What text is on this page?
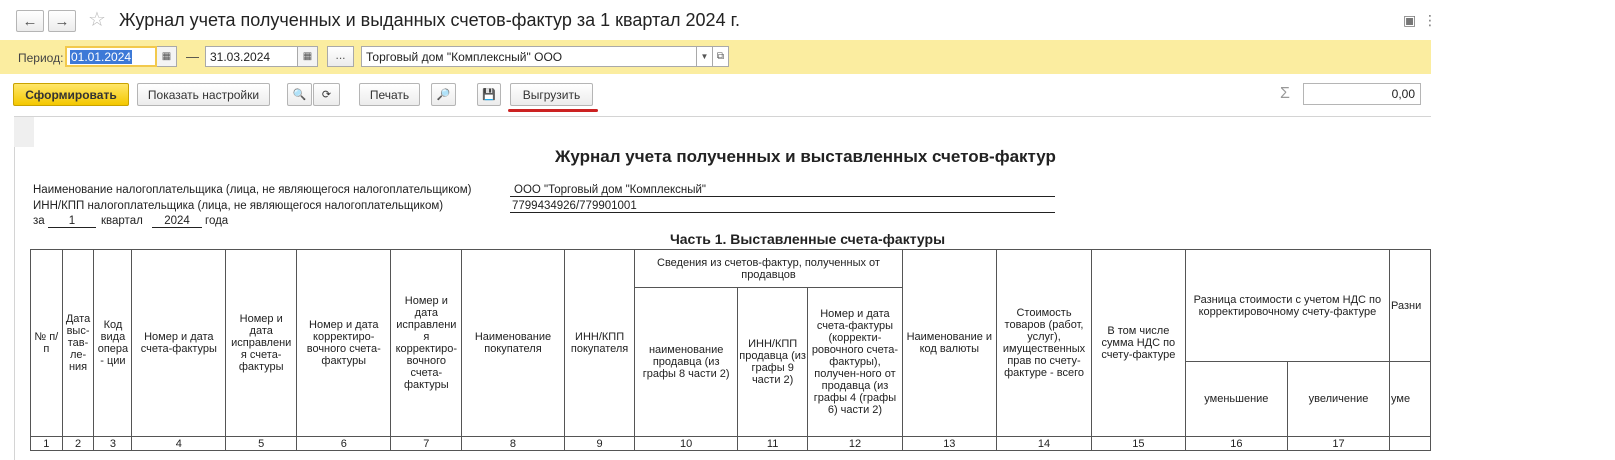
← → ☆ Журнал учета полученных и выданных счетов-фактур за 1 квартал 2024 г.	▣ ⋮
Период: 01.01.2024	▦ — 31.03.2024	▦	...	Торговый дом "Комплексный" ООО	▼ ⧉
Сформировать	Показать настройки	🔍 ⟳	Печать	🔎	💾	Выгрузить	Σ	0,00
Журнал учета полученных и выставленных счетов-фактур
Наименование налогоплательщика (лица, не являющегося налогоплательщиком)	ООО "Торговый дом "Комплексный"
ИНН/КПП налогоплательщика (лица, не являющегося налогоплательщиком)	7799434926/779901001
за	1	квартал	2024	года
Часть 1. Выставленные счета-фактуры
№ п/п	Дата выс-тав-ле-ния	Код вида опера - ции	Номер и дата счета-фактуры	Номер и дата исправлени я счета-фактуры	Номер и дата корректиро-вочного счета-фактуры	Номер и дата исправлени я корректиро-вочного счета-фактуры	Наименование покупателя	ИНН/КПП покупателя	Сведения из счетов-фактур, полученных от продавцов			Наименование и код валюты	Стоимость товаров (работ, услуг), имущественных прав по счету-фактуре - всего	В том числе сумма НДС по счету-фактуре	Разница стоимости с учетом НДС по корректировочному счету-фактуре		Разни
									наименование продавца (из графы 8 части 2)	ИНН/КПП продавца (из графы 9 части 2)	Номер и дата счета-фактуры (корректи-ровочного счета-фактуры), получен-ного от продавца (из графы 4 (графы 6) части 2)						
															уменьшение	увеличение	уме
1	2	3	4	5	6	7	8	9	10	11	12	13	14	15	16	17	
